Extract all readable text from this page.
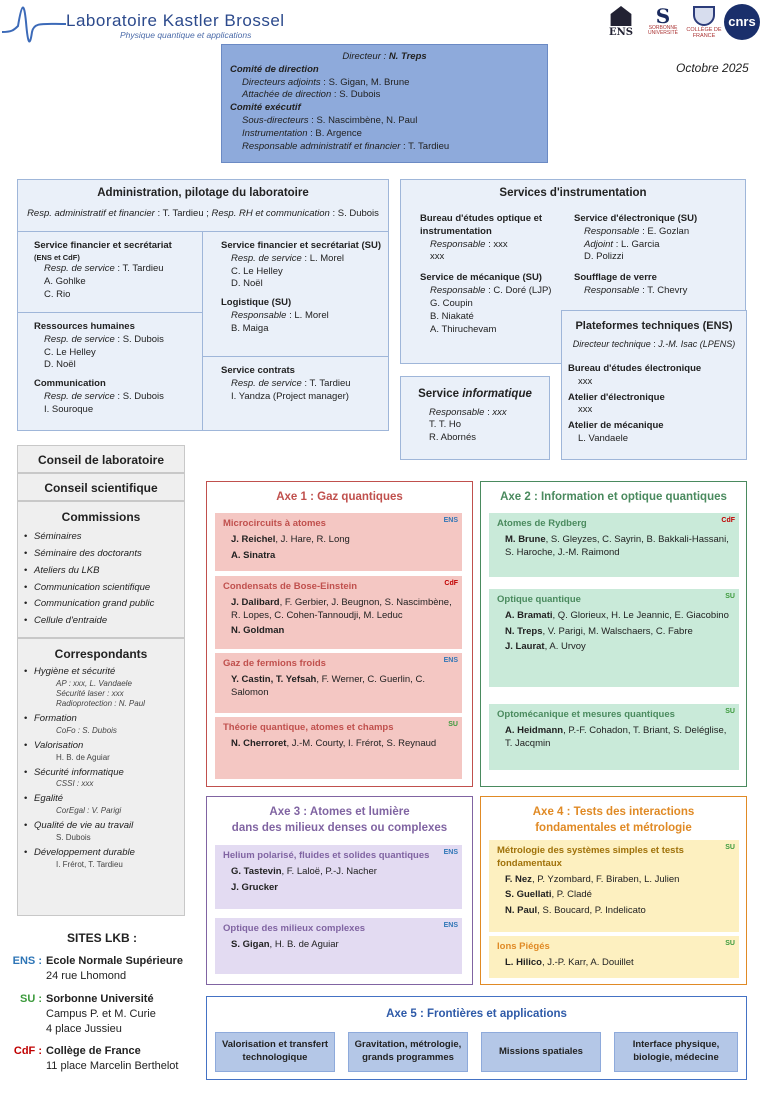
Laboratoire Kastler Brossel
Physique quantique et applications	ENS
S
SORBONNE UNIVERSITÉ COLLÈGE DE FRANCE
cnrs
Octobre 2025
Directeur : N. Treps
Comité de direction
Directeurs adjoints : S. Gigan, M. Brune
Attachée de direction : S. Dubois
Comité exécutif
Sous-directeurs : S. Nascimbène, N. Paul
Instrumentation : B. Argence
Responsable administratif et financier : T. Tardieu
Administration, pilotage du laboratoire
Resp. administratif et financier : T. Tardieu ; Resp. RH et communication : S. Dubois
Service financier et secrétariat
(ENS et CdF)
Resp. de service : T. Tardieu
A. Gohlke
C. Rio
Ressources humaines
Resp. de service : S. Dubois
C. Le Helley
D. Noël
Communication
Resp. de service : S. Dubois
I. Souroque
Service financier et secrétariat (SU)
Resp. de service : L. Morel
C. Le Helley
D. Noël
Logistique (SU)
Responsable : L. Morel
B. Maiga
Service contrats
Resp. de service : T. Tardieu
I. Yandza (Project manager)
Services d'instrumentation
Bureau d'études optique et instrumentation
Responsable : xxx
xxx
Service de mécanique (SU)
Responsable : C. Doré (LJP)
G. Coupin
B. Niakaté
A. Thiruchevam
Service d'électronique (SU)
Responsable : E. Gozlan
Adjoint : L. Garcia
D. Polizzi
Soufflage de verre
Responsable : T. Chevry
Plateformes techniques (ENS)
Directeur technique : J.-M. Isac (LPENS)
Bureau d'études électronique
xxx
Atelier d'électronique
xxx
Atelier de mécanique
L. Vandaele
Service informatique
Responsable : xxx
T. T. Ho
R. Abornés
Conseil de laboratoire
Conseil scientifique
Commissions
• Séminaires
• Séminaire des doctorants
• Ateliers du LKB
• Communication scientifique
• Communication grand public
• Cellule d'entraide
Correspondants
• Hygiène et sécurité
AP : xxx, L. Vandaele
Sécurité laser : xxx
Radioprotection : N. Paul
• Formation
CoFo : S. Dubois
• Valorisation
H. B. de Aguiar
• Sécurité informatique
CSSI : xxx
• Egalité
CorEgal : V. Parigi
• Qualité de vie au travail
S. Dubois
• Développement durable
I. Frérot, T. Tardieu
SITES LKB :
ENS : Ecole Normale Supérieure
24 rue Lhomond
SU : Sorbonne Université
Campus P. et M. Curie
4 place Jussieu
CdF : Collège de France
11 place Marcelin Berthelot
Axe 1 : Gaz quantiques
ENS
Microcircuits à atomes

J. Reichel, J. Hare, R. Long

A. Sinatra

CdF
Condensats de Bose-Einstein

J. Dalibard, F. Gerbier, J. Beugnon, S. Nascimbène, R. Lopes, C. Cohen-Tannoudji, M. Leduc

N. Goldman

ENS
Gaz de fermions froids

Y. Castin, T. Yefsah, F. Werner, C. Guerlin, C. Salomon

SU
Théorie quantique, atomes et champs

N. Cherroret, J.-M. Courty, I. Frérot, S. Reynaud

Axe 2 : Information et optique quantiques
CdF
Atomes de Rydberg

M. Brune, S. Gleyzes, C. Sayrin, B. Bakkali-Hassani, S. Haroche, J.-M. Raimond

SU
Optique quantique

A. Bramati, Q. Glorieux, H. Le Jeannic, E. Giacobino

N. Treps, V. Parigi, M. Walschaers, C. Fabre

J. Laurat, A. Urvoy

SU
Optomécanique et mesures quantiques

A. Heidmann, P.-F. Cohadon, T. Briant, S. Deléglise, T. Jacqmin

Axe 3 : Atomes et lumière
dans des milieux denses ou complexes
ENS
Helium polarisé, fluides et solides quantiques

G. Tastevin, F. Laloë, P.-J. Nacher

J. Grucker

ENS
Optique des milieux complexes

S. Gigan, H. B. de Aguiar

Axe 4 : Tests des interactions
fondamentales et métrologie
SU
Métrologie des systèmes simples et tests fondamentaux

F. Nez, P. Yzombard, F. Biraben, L. Julien

S. Guellati, P. Cladé

N. Paul, S. Boucard, P. Indelicato

SU
Ions Piégés

L. Hilico, J.-P. Karr, A. Douillet

Axe 5 : Frontières et applications
Valorisation et transfert technologique
Gravitation, métrologie, grands programmes
Missions spatiales
Interface physique, biologie, médecine
